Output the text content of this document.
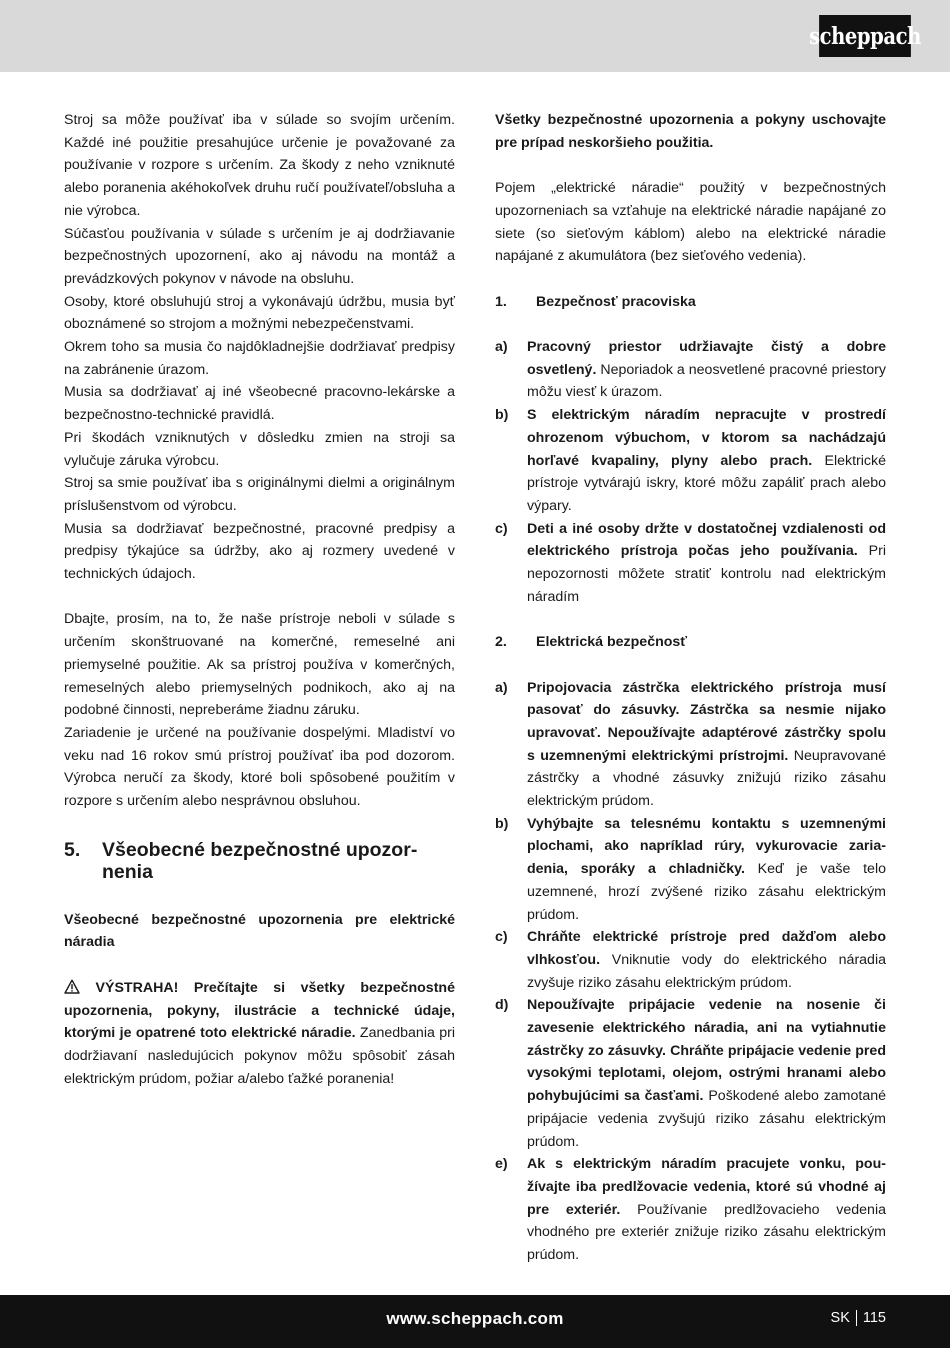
scheppach

Stroj sa môže používať iba v súlade so svojím určením. Každé iné použitie presahujúce určenie je považované za používanie v rozpore s určením. Za škody z neho vzniknuté alebo poranenia akéhokoľvek druhu ručí používateľ/obsluha a nie výrobca.

Súčasťou používania v súlade s určením je aj dodržiavanie bezpečnostných upozornení, ako aj návodu na montáž a prevádzkových pokynov v návode na obsluhu.

Osoby, ktoré obsluhujú stroj a vykonávajú údržbu, musia byť oboznámené so strojom a možnými nebezpečenstvami.

Okrem toho sa musia čo najdôkladnejšie dodržiavať predpisy na zabránenie úrazom.

Musia sa dodržiavať aj iné všeobecné pracovno-lekárske a bezpečnostno-technické pravidlá.

Pri škodách vzniknutých v dôsledku zmien na stroji sa vylučuje záruka výrobcu.

Stroj sa smie používať iba s originálnymi dielmi a originálnym príslušenstvom od výrobcu.

Musia sa dodržiavať bezpečnostné, pracovné predpisy a predpisy týkajúce sa údržby, ako aj rozmery uvedené v technických údajoch.

Dbajte, prosím, na to, že naše prístroje neboli v súlade s určením skonštruované na komerčné, remeselné ani priemyselné použitie. Ak sa prístroj používa v komerčných, remeselných alebo priemyselných podnikoch, ako aj na podobné činnosti, nepreberáme žiadnu záruku.

Zariadenie je určené na používanie dospelými. Mladiství vo veku nad 16 rokov smú prístroj používať iba pod dozorom. Výrobca neručí za škody, ktoré boli spôsobené použitím v rozpore s určením alebo nesprávnou obsluhou.

5.	Všeobecné bezpečnostné upozornenia

Všeobecné bezpečnostné upozornenia pre elektrické náradia

VÝSTRAHA! Prečítajte si všetky bezpečnostné upozornenia, pokyny, ilustrácie a technické údaje, ktorými je opatrené toto elektrické náradie. Zanedbania pri dodržiavaní nasledujúcich pokynov môžu spôsobiť zásah elektrickým prúdom, požiar a/alebo ťažké poranenia!

Všetky bezpečnostné upozornenia a pokyny uschovajte pre prípad neskoršieho použitia.

Pojem „elektrické náradie“ použitý v bezpečnostných upozorneniach sa vzťahuje na elektrické náradie napájané zo siete (so sieťovým káblom) alebo na elektrické náradie napájané z akumulátora (bez sieťového vedenia).

1.	Bezpečnosť pracoviska
a)	Pracovný priestor udržiavajte čistý a dobre osvetlený. Neporiadok a neosvetlené pracovné priestory môžu viesť k úrazom.

b)	S elektrickým náradím nepracujte v prostredí ohrozenom výbuchom, v ktorom sa nachádzajú horľavé kvapaliny, plyny alebo prach. Elektrické prístroje vytvárajú iskry, ktoré môžu zapáliť prach alebo výpary.

c)	Deti a iné osoby držte v dostatočnej vzdialenosti od elektrického prístroja počas jeho používania. Pri nepozornosti môžete stratiť kontrolu nad elektrickým náradím

2.	Elektrická bezpečnosť
a)	Pripojovacia zástrčka elektrického prístroja musí pasovať do zásuvky. Zástrčka sa nesmie nijako upravovať. Nepoužívajte adaptérové zástrčky spolu s uzemnenými elektrickými prístrojmi. Neupravované zástrčky a vhodné zásuvky znižujú riziko zásahu elektrickým prúdom.

b)	Vyhýbajte sa telesnému kontaktu s uzemnenými plochami, ako napríklad rúry, vykurovacie zariadenia, sporáky a chladničky. Keď je vaše telo uzemnené, hrozí zvýšené riziko zásahu elektrickým prúdom.

c)	Chráňte elektrické prístroje pred dažďom alebo vlhkosťou. Vniknutie vody do elektrického náradia zvyšuje riziko zásahu elektrickým prúdom.

d)	Nepoužívajte pripájacie vedenie na nosenie či zavesenie elektrického náradia, ani na vytiahnutie zástrčky zo zásuvky. Chráňte pripájacie vedenie pred vysokými teplotami, olejom, ostrými hranami alebo pohybujúcimi sa časťami. Poškodené alebo zamotané pripájacie vedenia zvyšujú riziko zásahu elektrickým prúdom.

e)	Ak s elektrickým náradím pracujete vonku, používajte iba predlžovacie vedenia, ktoré sú vhodné aj pre exteriér. Používanie predlžovacieho vedenia vhodného pre exteriér znižuje riziko zásahu elektrickým prúdom.

www.scheppach.com	SK 115
